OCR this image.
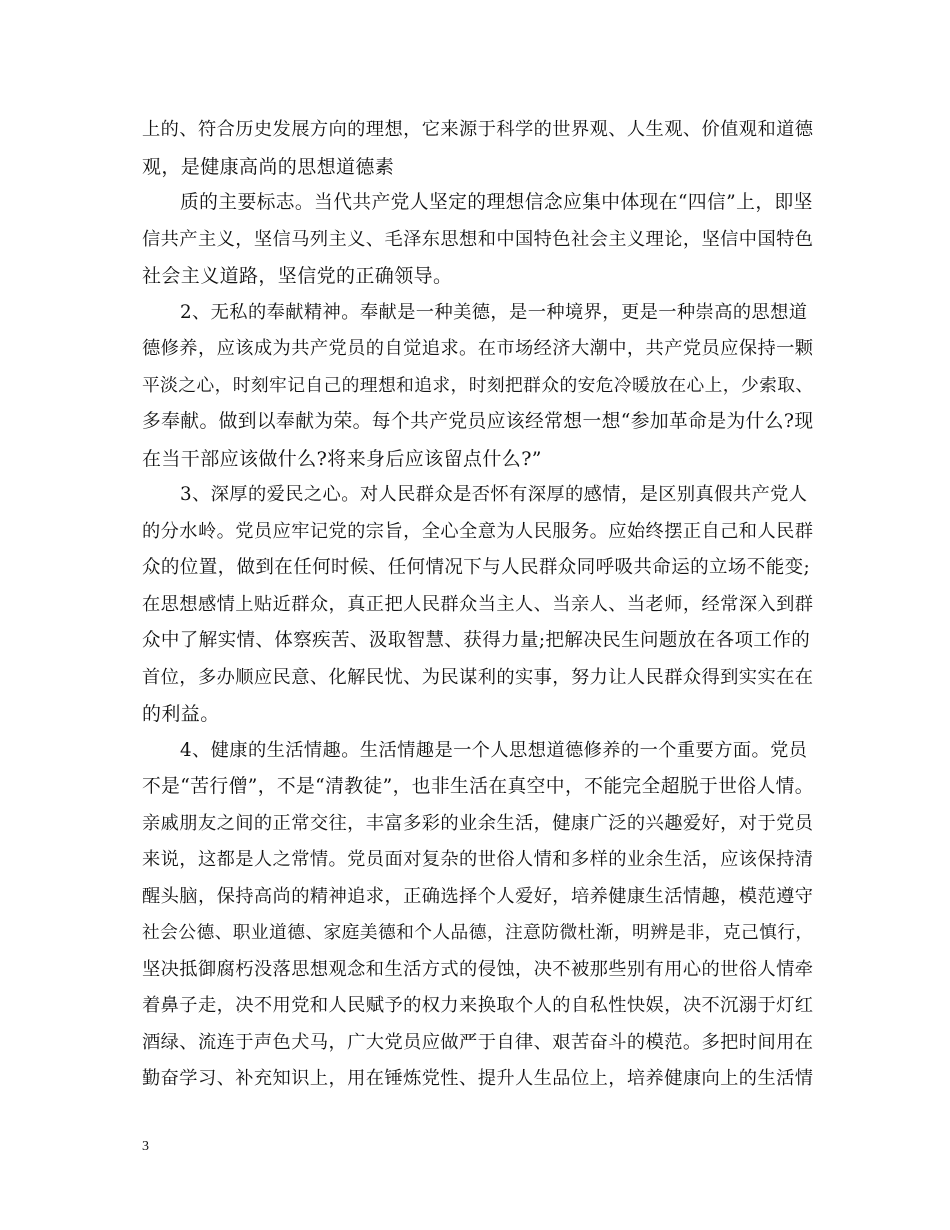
上的、符合历史发展方向的理想，它来源于科学的世界观、人生观、价值观和道德
观，是健康高尚的思想道德素
质的主要标志。当代共产党人坚定的理想信念应集中体现在“四信”上，即坚
信共产主义，坚信马列主义、毛泽东思想和中国特色社会主义理论，坚信中国特色
社会主义道路，坚信党的正确领导。
2、无私的奉献精神。奉献是一种美德，是一种境界，更是一种崇高的思想道
德修养，应该成为共产党员的自觉追求。在市场经济大潮中，共产党员应保持一颗
平淡之心，时刻牢记自己的理想和追求，时刻把群众的安危冷暖放在心上，少索取、
多奉献。做到以奉献为荣。每个共产党员应该经常想一想“参加革命是为什么?现
在当干部应该做什么?将来身后应该留点什么?”
3、深厚的爱民之心。对人民群众是否怀有深厚的感情，是区别真假共产党人
的分水岭。党员应牢记党的宗旨，全心全意为人民服务。应始终摆正自己和人民群
众的位置，做到在任何时候、任何情况下与人民群众同呼吸共命运的立场不能变;
在思想感情上贴近群众，真正把人民群众当主人、当亲人、当老师，经常深入到群
众中了解实情、体察疾苦、汲取智慧、获得力量;把解决民生问题放在各项工作的
首位，多办顺应民意、化解民忧、为民谋利的实事，努力让人民群众得到实实在在
的利益。
4、健康的生活情趣。生活情趣是一个人思想道德修养的一个重要方面。党员
不是“苦行僧”，不是“清教徒”，也非生活在真空中，不能完全超脱于世俗人情。
亲戚朋友之间的正常交往，丰富多彩的业余生活，健康广泛的兴趣爱好，对于党员
来说，这都是人之常情。党员面对复杂的世俗人情和多样的业余生活，应该保持清
醒头脑，保持高尚的精神追求，正确选择个人爱好，培养健康生活情趣，模范遵守
社会公德、职业道德、家庭美德和个人品德，注意防微杜渐，明辨是非，克己慎行，
坚决抵御腐朽没落思想观念和生活方式的侵蚀，决不被那些别有用心的世俗人情牵
着鼻子走，决不用党和人民赋予的权力来换取个人的自私性快娱，决不沉溺于灯红
酒绿、流连于声色犬马，广大党员应做严于自律、艰苦奋斗的模范。多把时间用在
勤奋学习、补充知识上，用在锤炼党性、提升人生品位上，培养健康向上的生活情
3
